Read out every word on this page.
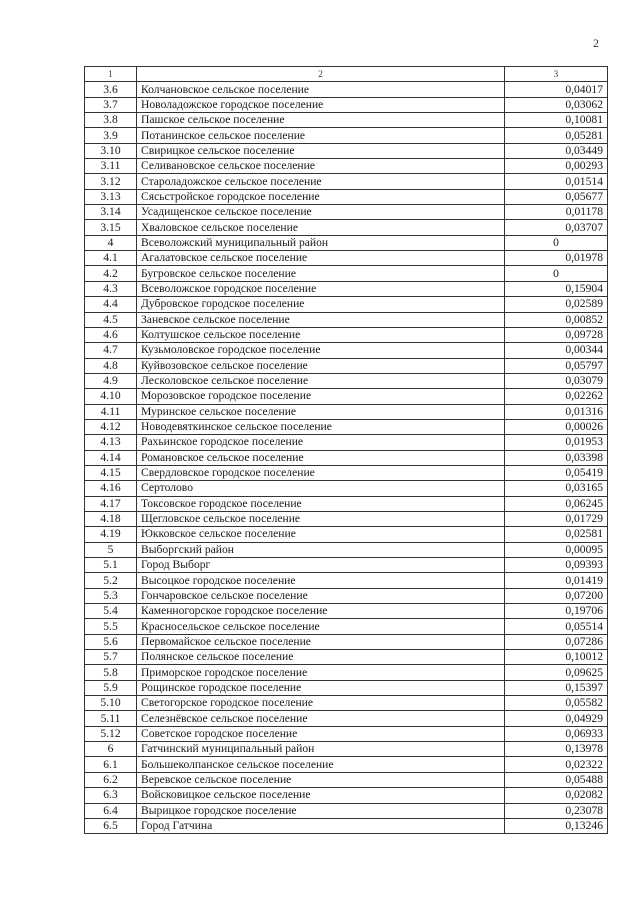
2
1	2	3
3.6	Колчановское сельское поселение	0,04017
3.7	Новоладожское городское поселение	0,03062
3.8	Пашское сельское поселение	0,10081
3.9	Потанинское сельское поселение	0,05281
3.10	Свирицкое сельское поселение	0,03449
3.11	Селивановское сельское поселение	0,00293
3.12	Староладожское сельское поселение	0,01514
3.13	Сясьстройское городское поселение	0,05677
3.14	Усадищенское сельское поселение	0,01178
3.15	Хваловское сельское поселение	0,03707
4	Всеволожский муниципальный район	0
4.1	Агалатовское сельское поселение	0,01978
4.2	Бугровское сельское поселение	0
4.3	Всеволожское городское поселение	0,15904
4.4	Дубровское городское поселение	0,02589
4.5	Заневское сельское поселение	0,00852
4.6	Колтушское сельское поселение	0,09728
4.7	Кузьмоловское городское поселение	0,00344
4.8	Куйвозовское сельское поселение	0,05797
4.9	Лесколовское сельское поселение	0,03079
4.10	Морозовское городское поселение	0,02262
4.11	Муринское сельское поселение	0,01316
4.12	Новодевяткинское сельское поселение	0,00026
4.13	Рахьинское городское поселение	0,01953
4.14	Романовское сельское поселение	0,03398
4.15	Свердловское городское поселение	0,05419
4.16	Сертолово	0,03165
4.17	Токсовское городское поселение	0,06245
4.18	Щегловское сельское поселение	0,01729
4.19	Юкковское сельское поселение	0,02581
5	Выборгский район	0,00095
5.1	Город Выборг	0,09393
5.2	Высоцкое городское поселение	0,01419
5.3	Гончаровское сельское поселение	0,07200
5.4	Каменногорское городское поселение	0,19706
5.5	Красносельское сельское поселение	0,05514
5.6	Первомайское сельское поселение	0,07286
5.7	Полянское сельское поселение	0,10012
5.8	Приморское городское поселение	0,09625
5.9	Рощинское городское поселение	0,15397
5.10	Светогорское городское поселение	0,05582
5.11	Селезнёвское сельское поселение	0,04929
5.12	Советское городское поселение	0,06933
6	Гатчинский муниципальный район	0,13978
6.1	Большеколпанское сельское поселение	0,02322
6.2	Веревское сельское поселение	0,05488
6.3	Войсковицкое сельское поселение	0,02082
6.4	Вырицкое городское поселение	0,23078
6.5	Город Гатчина	0,13246
